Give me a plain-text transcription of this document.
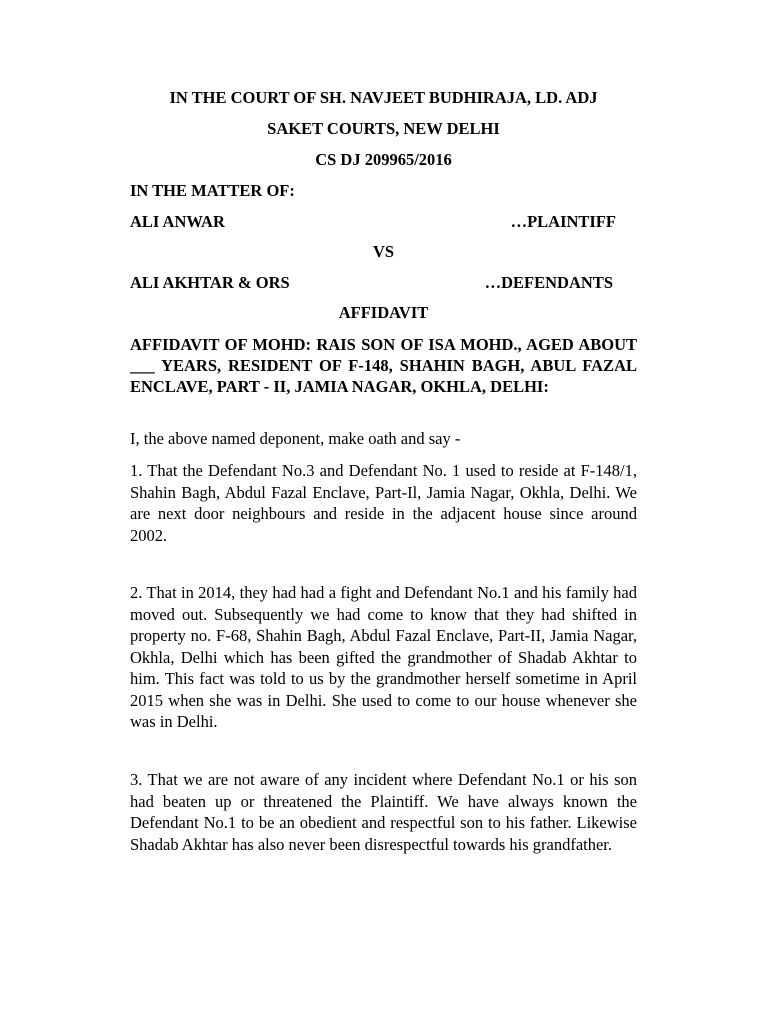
IN THE COURT OF SH. NAVJEET BUDHIRAJA, LD. ADJ
SAKET COURTS, NEW DELHI
CS DJ 209965/2016
IN THE MATTER OF:
ALI ANWAR	…PLAINTIFF
VS
ALI AKHTAR & ORS	…DEFENDANTS
AFFIDAVIT
AFFIDAVIT OF MOHD: RAIS SON OF ISA MOHD., AGED ABOUT ___ YEARS, RESIDENT OF F-148, SHAHIN BAGH, ABUL FAZAL ENCLAVE, PART - II, JAMIA NAGAR, OKHLA, DELHI:
I, the above named deponent, make oath and say -
1. That the Defendant No.3 and Defendant No. 1 used to reside at F-148/1, Shahin Bagh, Abdul Fazal Enclave, Part-Il, Jamia Nagar, Okhla, Delhi. We are next door neighbours and reside in the adjacent house since around 2002.
2. That in 2014, they had had a fight and Defendant No.1 and his family had moved out. Subsequently we had come to know that they had shifted in property no. F-68, Shahin Bagh, Abdul Fazal Enclave, Part-II, Jamia Nagar, Okhla, Delhi which has been gifted the grandmother of Shadab Akhtar to him. This fact was told to us by the grandmother herself sometime in April 2015 when she was in Delhi. She used to come to our house whenever she was in Delhi.
3. That we are not aware of any incident where Defendant No.1 or his son had beaten up or threatened the Plaintiff. We have always known the Defendant No.1 to be an obedient and respectful son to his father. Likewise Shadab Akhtar has also never been disrespectful towards his grandfather.
